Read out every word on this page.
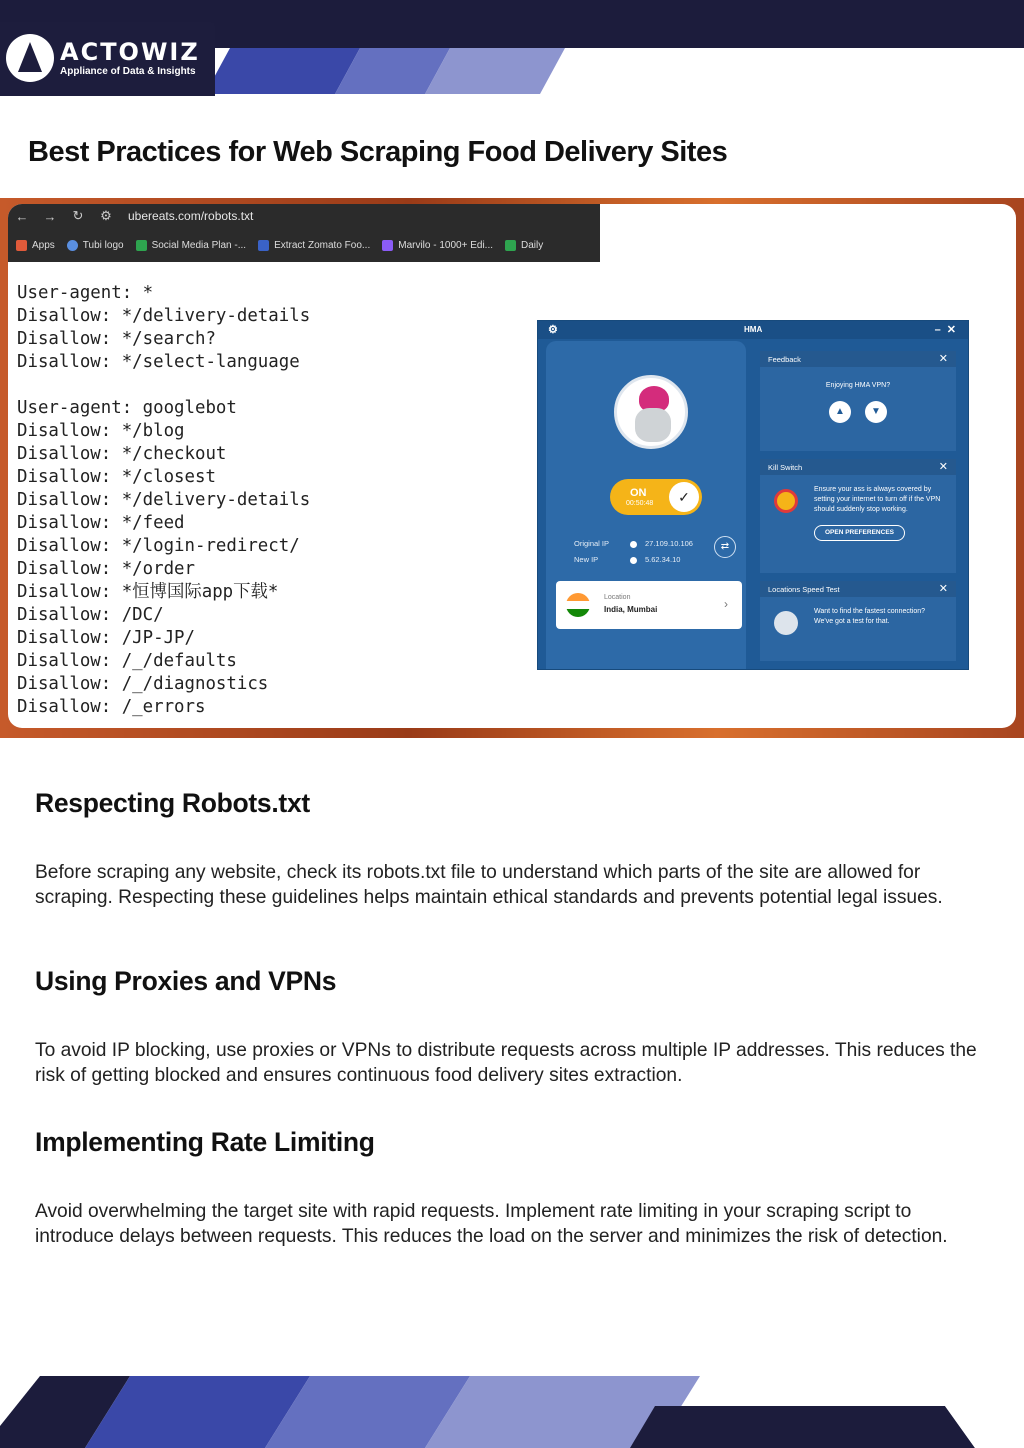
ACTOWIZ
Appliance of Data & Insights
Best Practices for Web Scraping Food Delivery Sites
←	→	↻	⚙	ubereats.com/robots.txt
Apps	Tubi logo	Social Media Plan -...	Extract Zomato Foo...	Marvilo - 1000+ Edi...	Daily
User-agent: *
Disallow: */delivery-details
Disallow: */search?
Disallow: */select-language
User-agent: googlebot
Disallow: */blog
Disallow: */checkout
Disallow: */closest
Disallow: */delivery-details
Disallow: */feed
Disallow: */login-redirect/
Disallow: */order
Disallow: *恒博国际app下载*
Disallow: /DC/
Disallow: /JP-JP/
Disallow: /_/defaults
Disallow: /_/diagnostics
Disallow: /_errors
⚙	HMA	–✕
ON
00:50:48	✓
Original IP	27.109.10.106
New IP	5.62.34.10
⇄
Location
India, Mumbai	›
Feedback	✕
Enjoying HMA VPN?
▲	▼
Kill Switch	✕
Ensure your ass is always covered by setting your internet to turn off if the VPN should suddenly stop working.
OPEN PREFERENCES
Locations Speed Test	✕
Want to find the fastest connection? We've got a test for that.
Respecting Robots.txt

Before scraping any website, check its robots.txt file to understand which parts of the site are allowed for scraping. Respecting these guidelines helps maintain ethical standards and prevents potential legal issues.

Using Proxies and VPNs

To avoid IP blocking, use proxies or VPNs to distribute requests across multiple IP addresses. This reduces the risk of getting blocked and ensures continuous food delivery sites extraction.

Implementing Rate Limiting

Avoid overwhelming the target site with rapid requests. Implement rate limiting in your scraping script to introduce delays between requests. This reduces the load on the server and minimizes the risk of detection.
